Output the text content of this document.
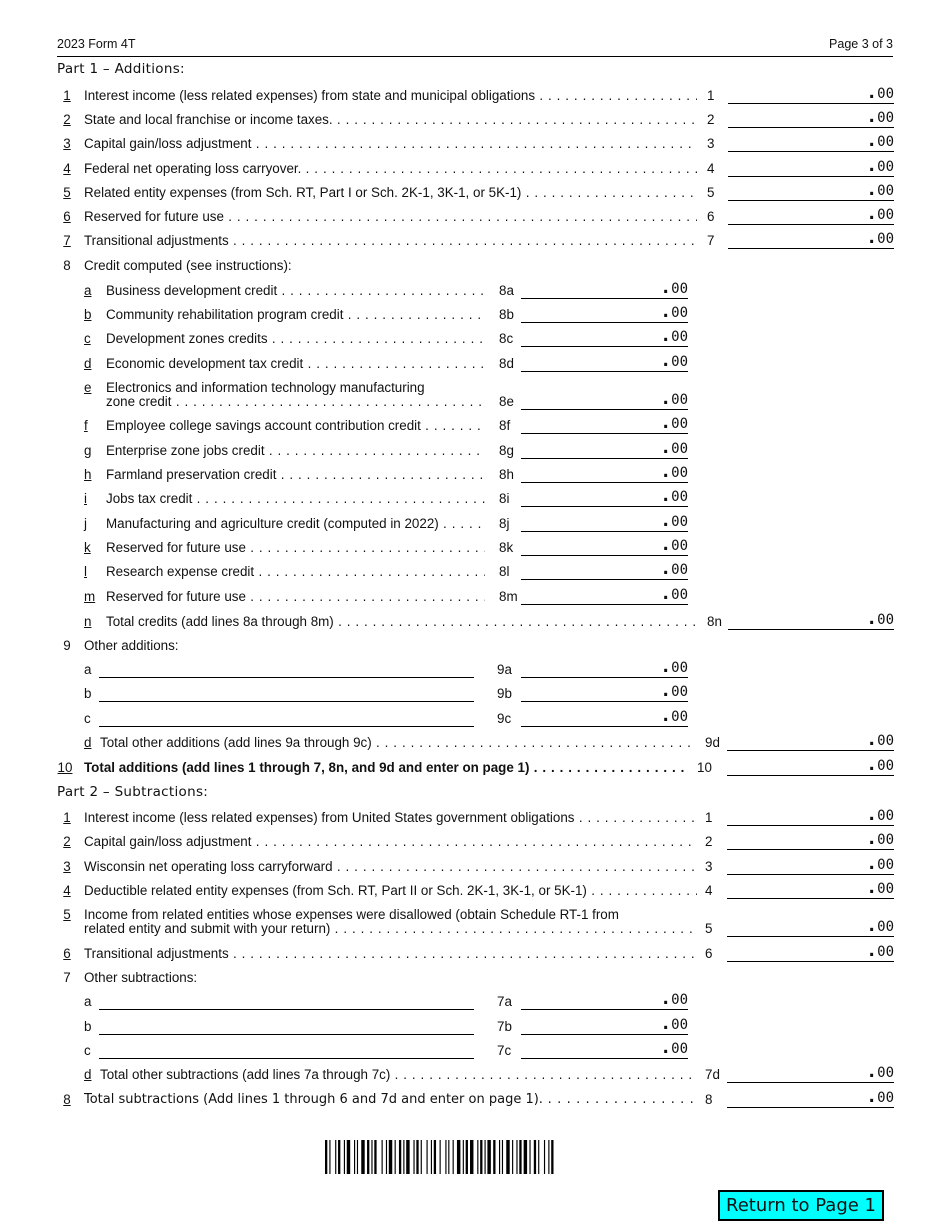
2023 Form 4T	Page 3 of 3
Part 1 – Additions:
1 Interest income (less related expenses) from state and municipal obligations . . .	1	.00
2 State and local franchise or income taxes. . . .	2	.00
3 Capital gain/loss adjustment . . .	3	.00
4 Federal net operating loss carryover. . . .	4	.00
5 Related entity expenses (from Sch. RT, Part I or Sch. 2K-1, 3K-1, or 5K-1) . . .	5	.00
6 Reserved for future use . . .	6	.00
7 Transitional adjustments . . .	7	.00
8 Credit computed (see instructions):
a	Business development credit . . .	8a	.00
b	Community rehabilitation program credit . . .	8b	.00
c	Development zones credits . . .	8c	.00
d	Economic development tax credit . . .	8d	.00
e	Electronics and information technology manufacturing
zone credit . . .	8e	.00
f	Employee college savings account contribution credit . . .	8f	.00
g	Enterprise zone jobs credit . . .	8g	.00
h	Farmland preservation credit . . .	8h	.00
i	Jobs tax credit . . .	8i	.00
j	Manufacturing and agriculture credit (computed in 2022) . . .	8j	.00
k	Reserved for future use . . .	8k	.00
l	Research expense credit . . .	8l	.00
m Reserved for future use . . .	8m	.00
n	Total credits (add lines 8a through 8m) . . .	8n	.00
9 Other additions:
a	9a	.00
b	9b	.00
c	9c	.00
d Total other additions (add lines 9a through 9c) . . .	9d	.00
10 Total additions (add lines 1 through 7, 8n, and 9d and enter on page 1) . . .	10	.00
Part 2 – Subtractions:
1 Interest income (less related expenses) from United States government obligations . . .	1	.00
2 Capital gain/loss adjustment . . .	2	.00
3 Wisconsin net operating loss carryforward . . .	3	.00
4 Deductible related entity expenses (from Sch. RT, Part II or Sch. 2K-1, 3K-1, or 5K-1) . . .	4	.00
5 Income from related entities whose expenses were disallowed (obtain Schedule RT-1 from
related entity and submit with your return) . . .	5	.00
6 Transitional adjustments . . .	6	.00
7 Other subtractions:
a	7a	.00
b	7b	.00
c	7c	.00
d Total other subtractions (add lines 7a through 7c) . . .	7d	.00
8	Total subtractions (Add lines 1 through 6 and 7d and enter on page 1). . . .	8	.00
Return to Page 1
